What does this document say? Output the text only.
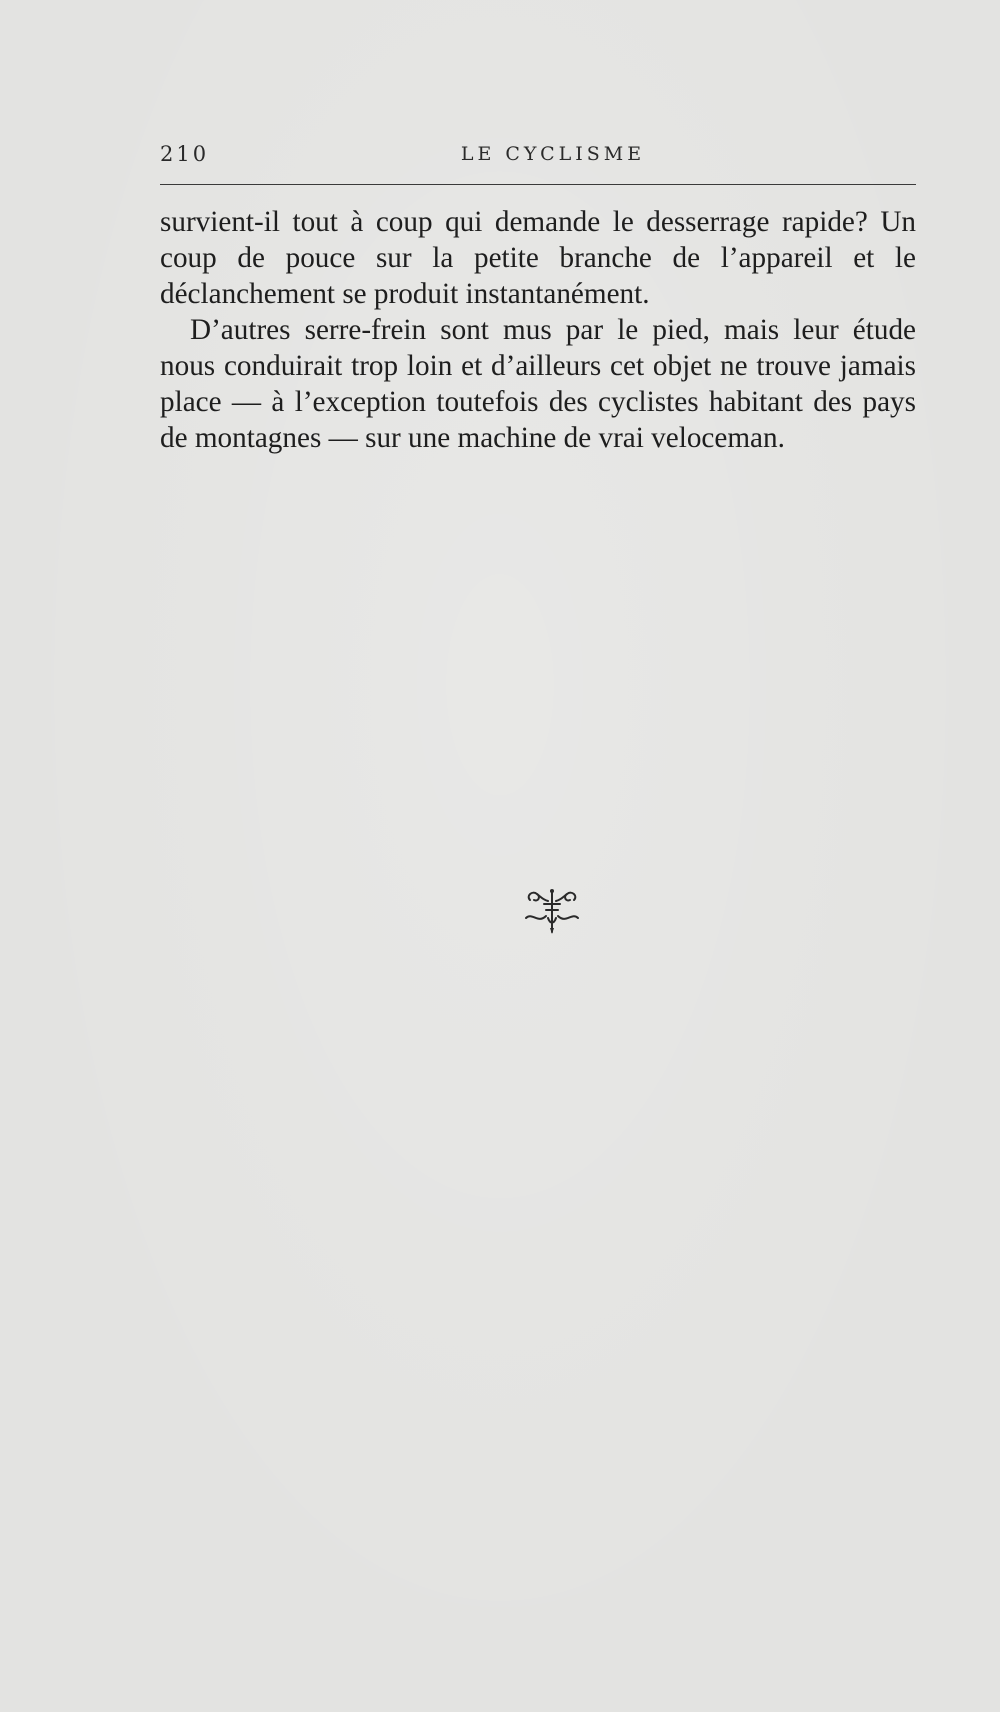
210	LE CYCLISME

survient-il tout à coup qui demande le desserrage rapide? Un coup de pouce sur la petite branche de l’appareil et le déclanchement se produit instantanément.

D’autres serre-frein sont mus par le pied, mais leur étude nous conduirait trop loin et d’ailleurs cet objet ne trouve jamais place — à l’exception toutefois des cyclistes habitant des pays de montagnes — sur une machine de vrai veloceman.
